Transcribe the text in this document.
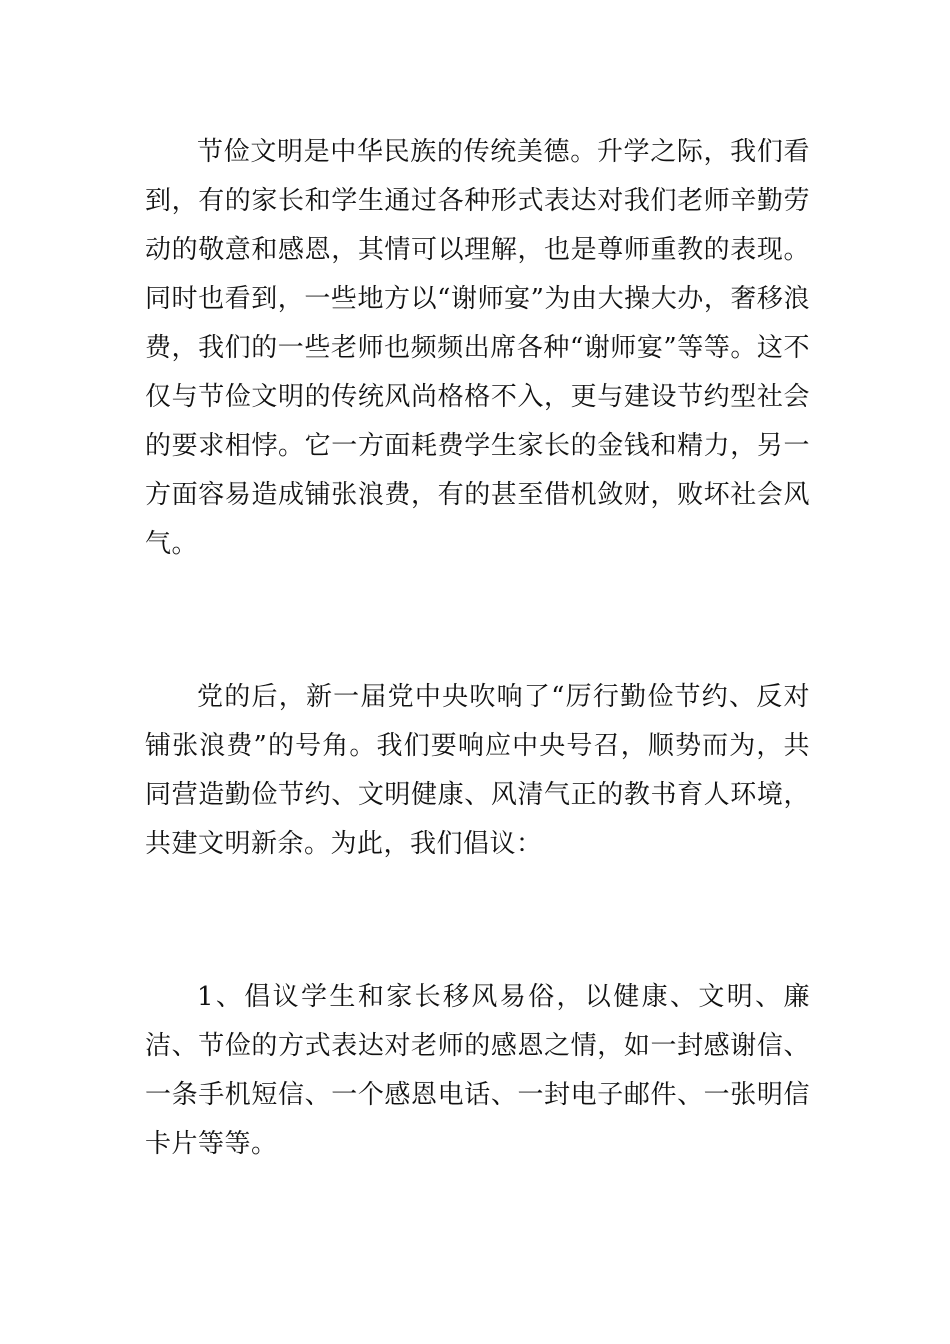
节俭文明是中华民族的传统美德。升学之际，我们看到，有的家长和学生通过各种形式表达对我们老师辛勤劳动的敬意和感恩，其情可以理解，也是尊师重教的表现。同时也看到，一些地方以“谢师宴”为由大操大办，奢移浪费，我们的一些老师也频频出席各种“谢师宴”等等。这不仅与节俭文明的传统风尚格格不入，更与建设节约型社会的要求相悖。它一方面耗费学生家长的金钱和精力，另一方面容易造成铺张浪费，有的甚至借机敛财，败坏社会风气。

党的后，新一届党中央吹响了“厉行勤俭节约、反对铺张浪费”的号角。我们要响应中央号召，顺势而为，共同营造勤俭节约、文明健康、风清气正的教书育人环境，共建文明新余。为此，我们倡议：

1、倡议学生和家长移风易俗，以健康、文明、廉洁、节俭的方式表达对老师的感恩之情，如一封感谢信、一条手机短信、一个感恩电话、一封电子邮件、一张明信卡片等等。
